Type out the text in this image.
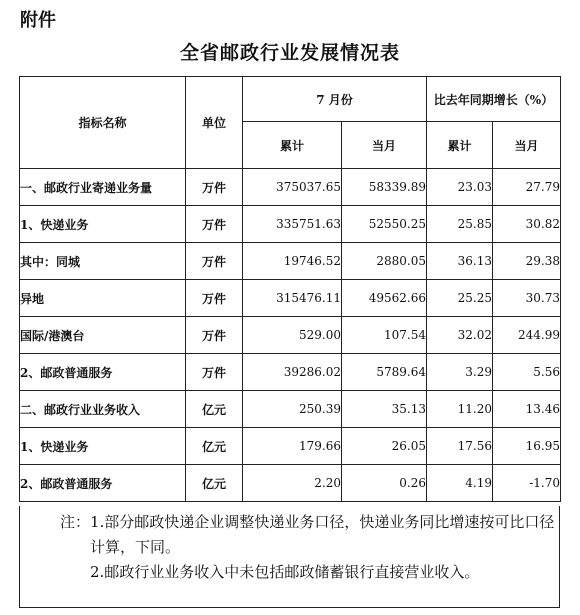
附件
全省邮政行业发展情况表
指标名称	单位	7 月份		比去年同期增长（%）	
		累计	当月	累计	当月
一、邮政行业寄递业务量	万件	375037.65	58339.89	23.03	27.79
1、快递业务	万件	335751.63	52550.25	25.85	30.82
其中：同城	万件	19746.52	2880.05	36.13	29.38
异地	万件	315476.11	49562.66	25.25	30.73
国际/港澳台	万件	529.00	107.54	32.02	244.99
2、邮政普通服务	万件	39286.02	5789.64	3.29	5.56
二、邮政行业业务收入	亿元	250.39	35.13	11.20	13.46
1、快递业务	亿元	179.66	26.05	17.56	16.95
2、邮政普通服务	亿元	2.20	0.26	4.19	-1.70
注： 1.部分邮政快递企业调整快递业务口径，快递业务同比增速按可比口径计算，下同。
2.邮政行业业务收入中未包括邮政储蓄银行直接营业收入。
